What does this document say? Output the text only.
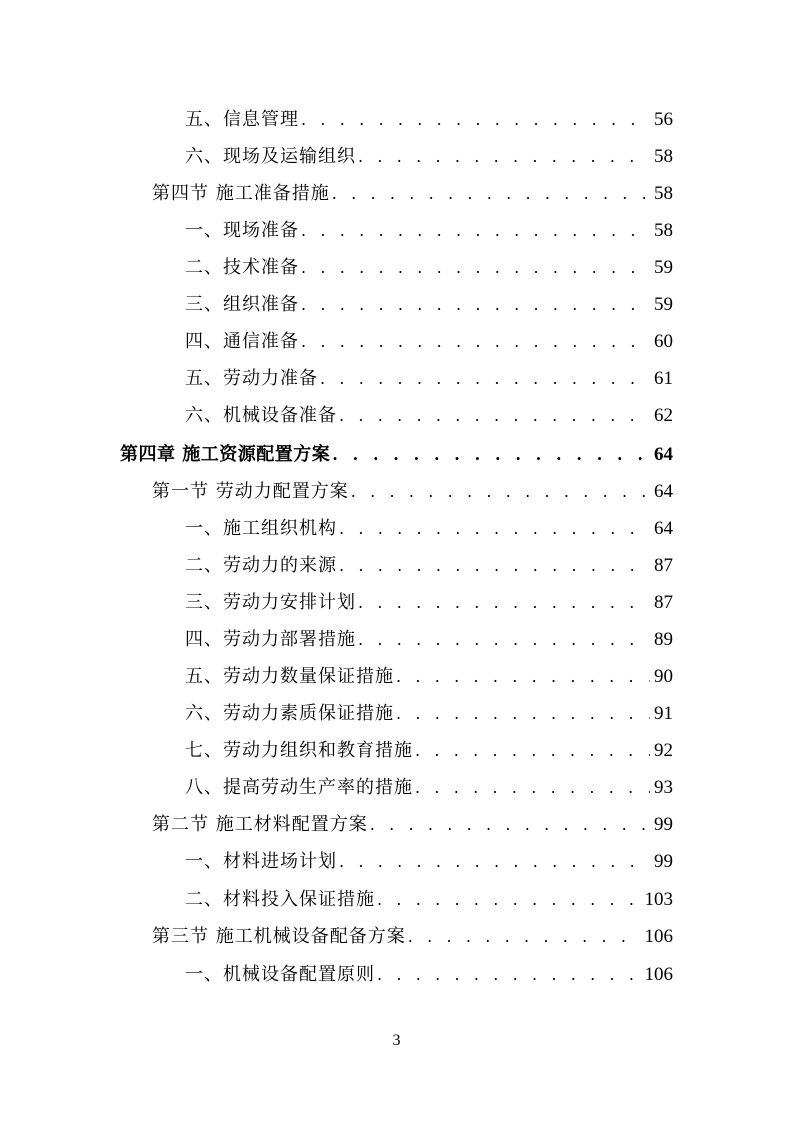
五、信息管理 . . .	56
六、现场及运输组织 . . .	58
第四节 施工准备措施 . . .	58
一、现场准备 . . .	58
二、技术准备 . . .	59
三、组织准备 . . .	59
四、通信准备 . . .	60
五、劳动力准备 . . .	61
六、机械设备准备 . . .	62
第四章 施工资源配置方案 . . .	64
第一节 劳动力配置方案 . . .	64
一、施工组织机构 . . .	64
二、劳动力的来源 . . .	87
三、劳动力安排计划 . . .	87
四、劳动力部署措施 . . .	89
五、劳动力数量保证措施 . . .	90
六、劳动力素质保证措施 . . .	91
七、劳动力组织和教育措施 . . .	92
八、提高劳动生产率的措施 . . .	93
第二节 施工材料配置方案 . . .	99
一、材料进场计划 . . .	99
二、材料投入保证措施 . . .	103
第三节 施工机械设备配备方案 . . .	106
一、机械设备配置原则 . . .	106
3
